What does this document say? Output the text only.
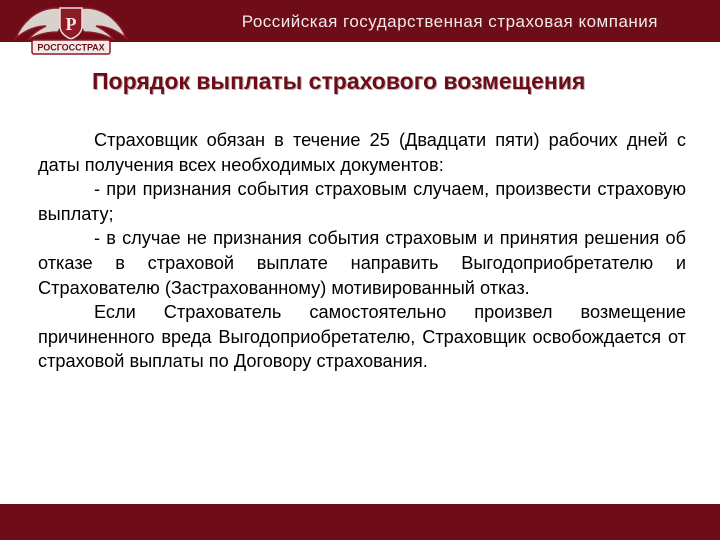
Российская государственная страховая компания
Р
РОСГОССТРАХ
Порядок выплаты страхового возмещения

Страховщик обязан в течение 25 (Двадцати пяти) рабочих дней с даты получения всех необходимых документов:

- при признания события страховым случаем, произвести страховую выплату;

- в случае не признания события страховым и принятия решения об отказе в страховой выплате направить Выгодоприобретателю и Страхователю (Застрахованному) мотивированный отказ.

Если Страхователь самостоятельно произвел возмещение причиненного вреда Выгодоприобретателю, Страховщик освобождается от страховой выплаты по Договору страхования.
